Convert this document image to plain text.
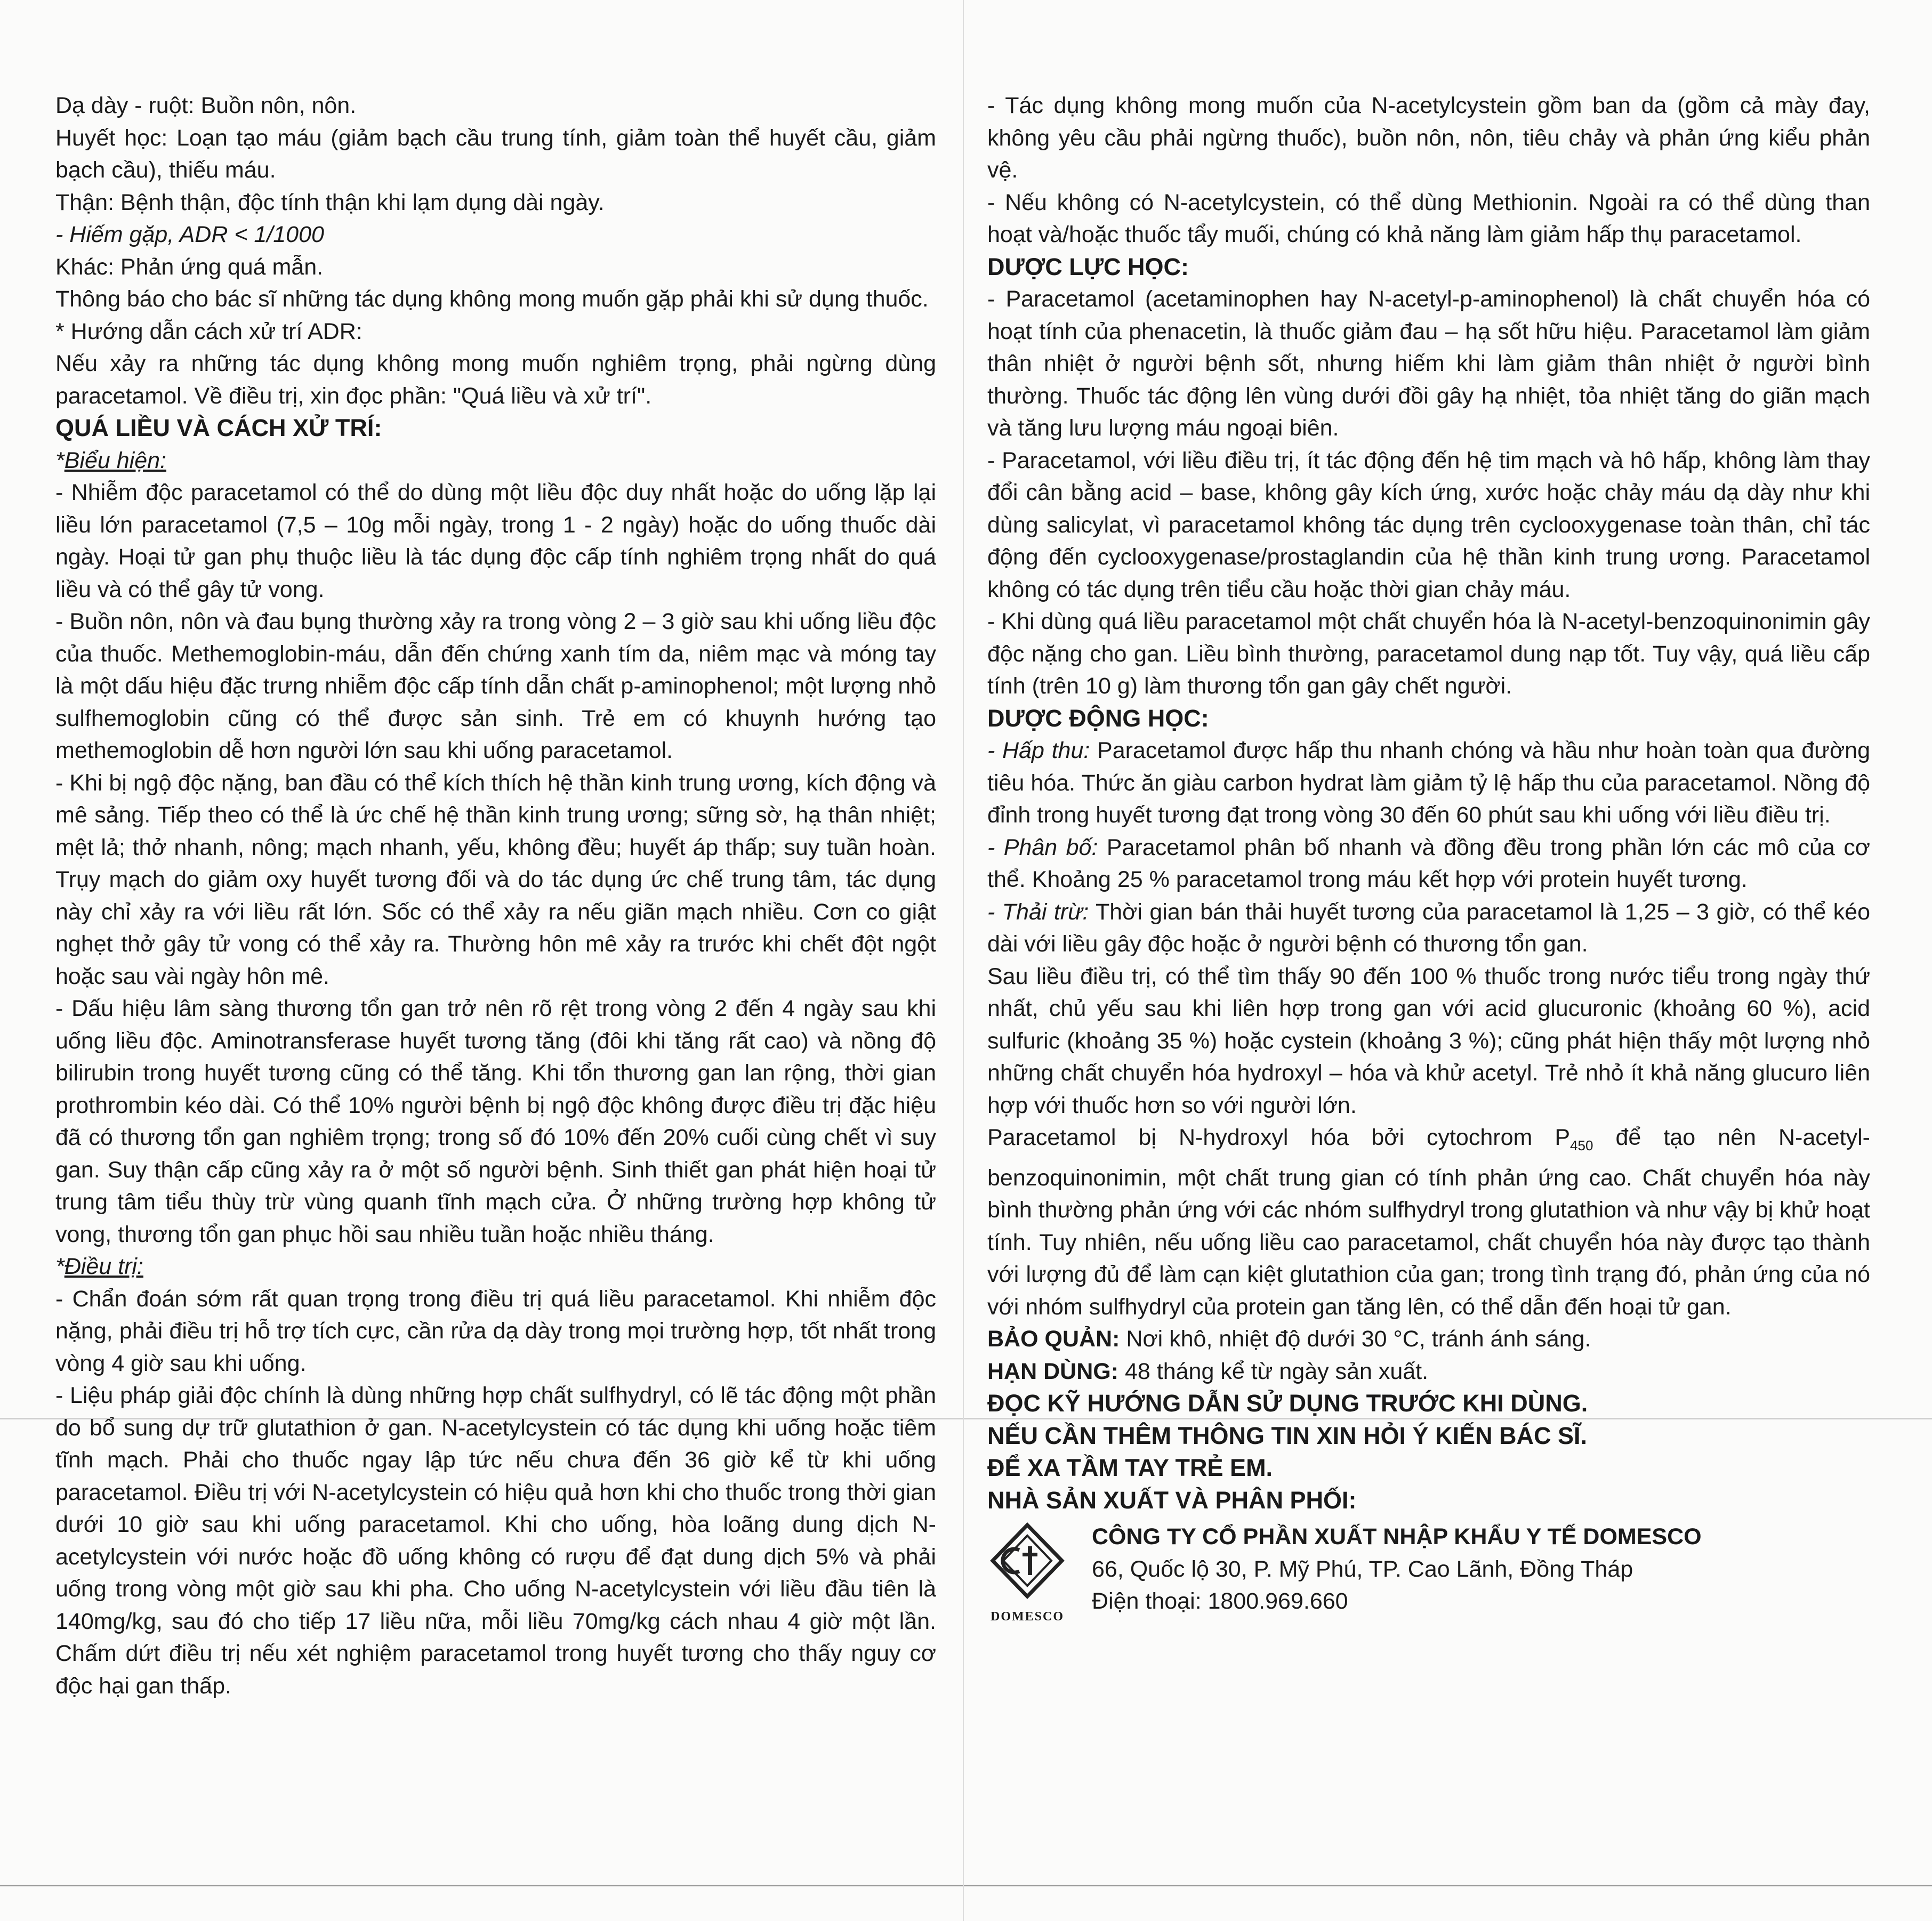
Dạ dày - ruột: Buồn nôn, nôn.

Huyết học: Loạn tạo máu (giảm bạch cầu trung tính, giảm toàn thể huyết cầu, giảm bạch cầu), thiếu máu.

Thận: Bệnh thận, độc tính thận khi lạm dụng dài ngày.

- Hiếm gặp, ADR < 1/1000

Khác: Phản ứng quá mẫn.

Thông báo cho bác sĩ những tác dụng không mong muốn gặp phải khi sử dụng thuốc.

* Hướng dẫn cách xử trí ADR:

Nếu xảy ra những tác dụng không mong muốn nghiêm trọng, phải ngừng dùng paracetamol. Về điều trị, xin đọc phần: "Quá liều và xử trí".

QUÁ LIỀU VÀ CÁCH XỬ TRÍ:

*Biểu hiện:

- Nhiễm độc paracetamol có thể do dùng một liều độc duy nhất hoặc do uống lặp lại liều lớn paracetamol (7,5 – 10g mỗi ngày, trong 1 - 2 ngày) hoặc do uống thuốc dài ngày. Hoại tử gan phụ thuộc liều là tác dụng độc cấp tính nghiêm trọng nhất do quá liều và có thể gây tử vong.

- Buồn nôn, nôn và đau bụng thường xảy ra trong vòng 2 – 3 giờ sau khi uống liều độc của thuốc. Methemoglobin-máu, dẫn đến chứng xanh tím da, niêm mạc và móng tay là một dấu hiệu đặc trưng nhiễm độc cấp tính dẫn chất p-aminophenol; một lượng nhỏ sulfhemoglobin cũng có thể được sản sinh. Trẻ em có khuynh hướng tạo methemoglobin dễ hơn người lớn sau khi uống paracetamol.

- Khi bị ngộ độc nặng, ban đầu có thể kích thích hệ thần kinh trung ương, kích động và mê sảng. Tiếp theo có thể là ức chế hệ thần kinh trung ương; sững sờ, hạ thân nhiệt; mệt lả; thở nhanh, nông; mạch nhanh, yếu, không đều; huyết áp thấp; suy tuần hoàn. Trụy mạch do giảm oxy huyết tương đối và do tác dụng ức chế trung tâm, tác dụng này chỉ xảy ra với liều rất lớn. Sốc có thể xảy ra nếu giãn mạch nhiều. Cơn co giật nghẹt thở gây tử vong có thể xảy ra. Thường hôn mê xảy ra trước khi chết đột ngột hoặc sau vài ngày hôn mê.

- Dấu hiệu lâm sàng thương tổn gan trở nên rõ rệt trong vòng 2 đến 4 ngày sau khi uống liều độc. Aminotransferase huyết tương tăng (đôi khi tăng rất cao) và nồng độ bilirubin trong huyết tương cũng có thể tăng. Khi tổn thương gan lan rộng, thời gian prothrombin kéo dài. Có thể 10% người bệnh bị ngộ độc không được điều trị đặc hiệu đã có thương tổn gan nghiêm trọng; trong số đó 10% đến 20% cuối cùng chết vì suy gan. Suy thận cấp cũng xảy ra ở một số người bệnh. Sinh thiết gan phát hiện hoại tử trung tâm tiểu thùy trừ vùng quanh tĩnh mạch cửa. Ở những trường hợp không tử vong, thương tổn gan phục hồi sau nhiều tuần hoặc nhiều tháng.

*Điều trị:

- Chẩn đoán sớm rất quan trọng trong điều trị quá liều paracetamol. Khi nhiễm độc nặng, phải điều trị hỗ trợ tích cực, cần rửa dạ dày trong mọi trường hợp, tốt nhất trong vòng 4 giờ sau khi uống.

- Liệu pháp giải độc chính là dùng những hợp chất sulfhydryl, có lẽ tác động một phần do bổ sung dự trữ glutathion ở gan. N-acetylcystein có tác dụng khi uống hoặc tiêm tĩnh mạch. Phải cho thuốc ngay lập tức nếu chưa đến 36 giờ kể từ khi uống paracetamol. Điều trị với N-acetylcystein có hiệu quả hơn khi cho thuốc trong thời gian dưới 10 giờ sau khi uống paracetamol. Khi cho uống, hòa loãng dung dịch N-acetylcystein với nước hoặc đồ uống không có rượu để đạt dung dịch 5% và phải uống trong vòng một giờ sau khi pha. Cho uống N-acetylcystein với liều đầu tiên là 140mg/kg, sau đó cho tiếp 17 liều nữa, mỗi liều 70mg/kg cách nhau 4 giờ một lần. Chấm dứt điều trị nếu xét nghiệm paracetamol trong huyết tương cho thấy nguy cơ độc hại gan thấp.

- Tác dụng không mong muốn của N-acetylcystein gồm ban da (gồm cả mày đay, không yêu cầu phải ngừng thuốc), buồn nôn, nôn, tiêu chảy và phản ứng kiểu phản vệ.

- Nếu không có N-acetylcystein, có thể dùng Methionin. Ngoài ra có thể dùng than hoạt và/hoặc thuốc tẩy muối, chúng có khả năng làm giảm hấp thụ paracetamol.

DƯỢC LỰC HỌC:

- Paracetamol (acetaminophen hay N-acetyl-p-aminophenol) là chất chuyển hóa có hoạt tính của phenacetin, là thuốc giảm đau – hạ sốt hữu hiệu. Paracetamol làm giảm thân nhiệt ở người bệnh sốt, nhưng hiếm khi làm giảm thân nhiệt ở người bình thường. Thuốc tác động lên vùng dưới đồi gây hạ nhiệt, tỏa nhiệt tăng do giãn mạch và tăng lưu lượng máu ngoại biên.

- Paracetamol, với liều điều trị, ít tác động đến hệ tim mạch và hô hấp, không làm thay đổi cân bằng acid – base, không gây kích ứng, xước hoặc chảy máu dạ dày như khi dùng salicylat, vì paracetamol không tác dụng trên cyclooxygenase toàn thân, chỉ tác động đến cyclooxygenase/prostaglandin của hệ thần kinh trung ương. Paracetamol không có tác dụng trên tiểu cầu hoặc thời gian chảy máu.

- Khi dùng quá liều paracetamol một chất chuyển hóa là N-acetyl-benzoquinonimin gây độc nặng cho gan. Liều bình thường, paracetamol dung nạp tốt. Tuy vậy, quá liều cấp tính (trên 10 g) làm thương tổn gan gây chết người.

DƯỢC ĐỘNG HỌC:

- Hấp thu: Paracetamol được hấp thu nhanh chóng và hầu như hoàn toàn qua đường tiêu hóa. Thức ăn giàu carbon hydrat làm giảm tỷ lệ hấp thu của paracetamol. Nồng độ đỉnh trong huyết tương đạt trong vòng 30 đến 60 phút sau khi uống với liều điều trị.

- Phân bố: Paracetamol phân bố nhanh và đồng đều trong phần lớn các mô của cơ thể. Khoảng 25 % paracetamol trong máu kết hợp với protein huyết tương.

- Thải trừ: Thời gian bán thải huyết tương của paracetamol là 1,25 – 3 giờ, có thể kéo dài với liều gây độc hoặc ở người bệnh có thương tổn gan.

Sau liều điều trị, có thể tìm thấy 90 đến 100 % thuốc trong nước tiểu trong ngày thứ nhất, chủ yếu sau khi liên hợp trong gan với acid glucuronic (khoảng 60 %), acid sulfuric (khoảng 35 %) hoặc cystein (khoảng 3 %); cũng phát hiện thấy một lượng nhỏ những chất chuyển hóa hydroxyl – hóa và khử acetyl. Trẻ nhỏ ít khả năng glucuro liên hợp với thuốc hơn so với người lớn.

Paracetamol bị N-hydroxyl hóa bởi cytochrom $P_{450}$ để tạo nên N-acetyl-benzoquinonimin, một chất trung gian có tính phản ứng cao. Chất chuyển hóa này bình thường phản ứng với các nhóm sulfhydryl trong glutathion và như vậy bị khử hoạt tính. Tuy nhiên, nếu uống liều cao paracetamol, chất chuyển hóa này được tạo thành với lượng đủ để làm cạn kiệt glutathion của gan; trong tình trạng đó, phản ứng của nó với nhóm sulfhydryl của protein gan tăng lên, có thể dẫn đến hoại tử gan.

BẢO QUẢN: Nơi khô, nhiệt độ dưới 30 °C, tránh ánh sáng.

HẠN DÙNG: 48 tháng kể từ ngày sản xuất.

ĐỌC KỸ HƯỚNG DẪN SỬ DỤNG TRƯỚC KHI DÙNG.

NẾU CẦN THÊM THÔNG TIN XIN HỎI Ý KIẾN BÁC SĨ.

ĐỂ XA TẦM TAY TRẺ EM.

NHÀ SẢN XUẤT VÀ PHÂN PHỐI:

DOMESCO

CÔNG TY CỔ PHẦN XUẤT NHẬP KHẨU Y TẾ DOMESCO

66, Quốc lộ 30, P. Mỹ Phú, TP. Cao Lãnh, Đồng Tháp

Điện thoại: 1800.969.660
